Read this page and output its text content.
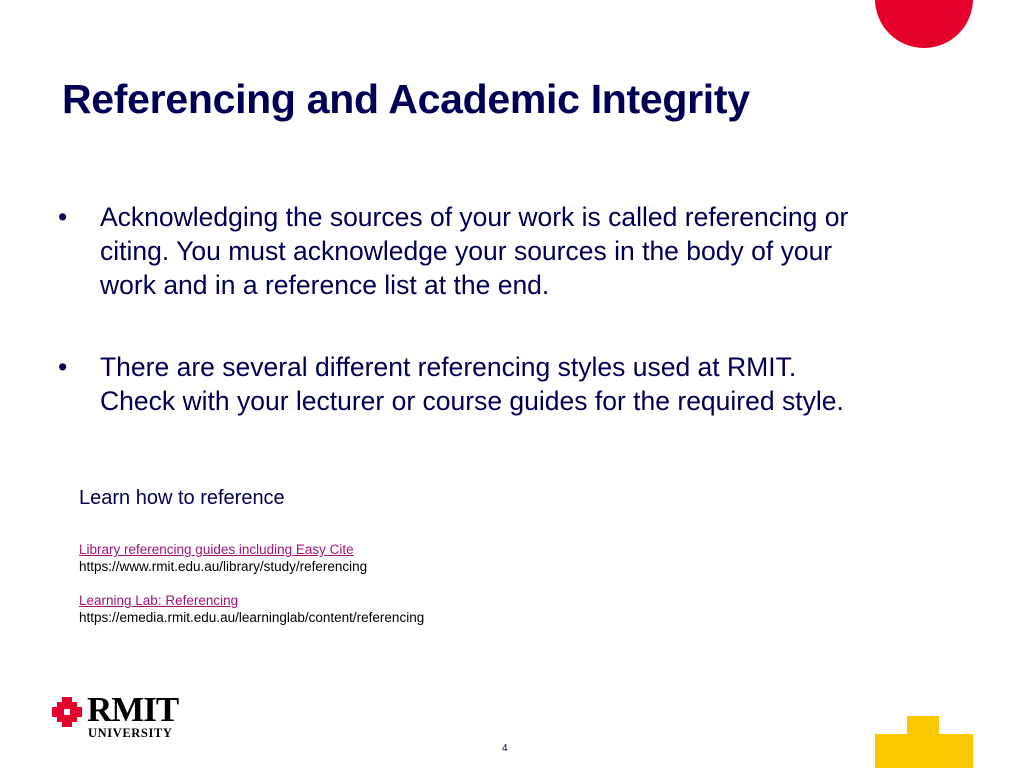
Referencing and Academic Integrity
•	Acknowledging the sources of your work is called referencing or citing. You must acknowledge your sources in the body of your work and in a reference list at the end.
•	There are several different referencing styles used at RMIT. Check with your lecturer or course guides for the required style.
Learn how to reference
Library referencing guides including Easy Cite
https://www.rmit.edu.au/library/study/referencing
Learning Lab: Referencing
https://emedia.rmit.edu.au/learninglab/content/referencing
RMIT
UNIVERSITY
4
